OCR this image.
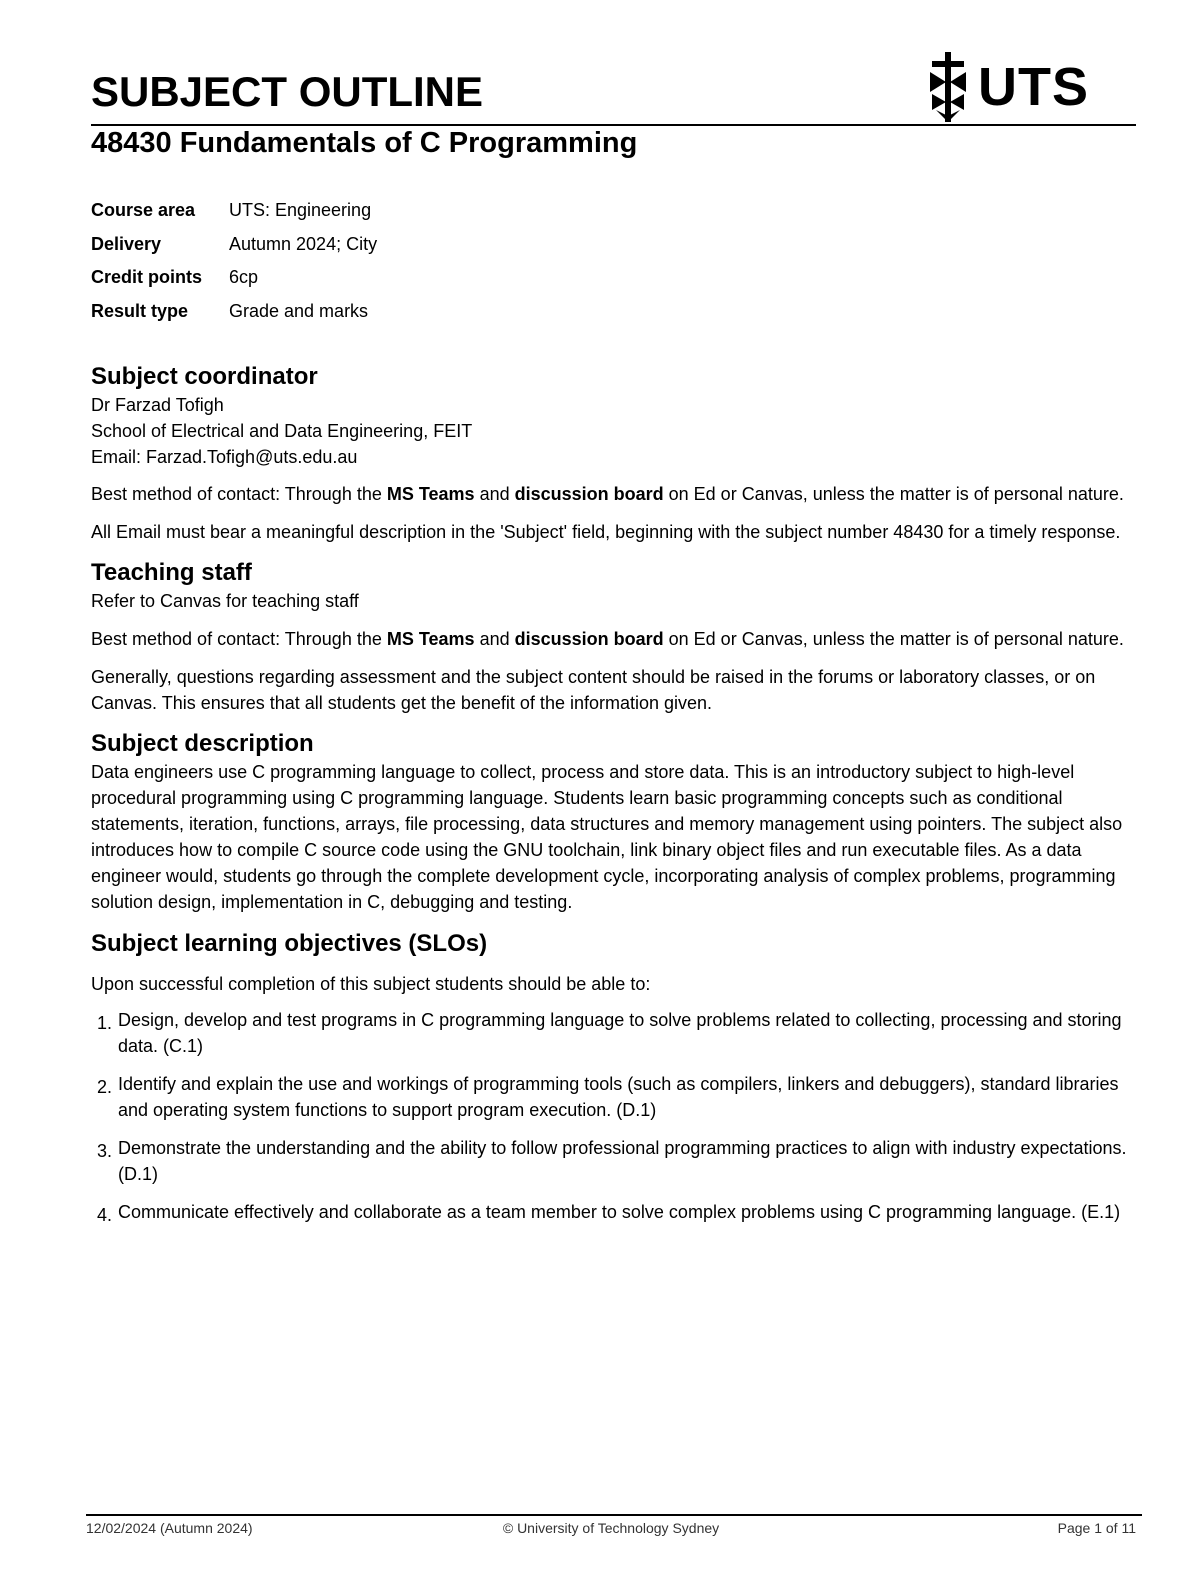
SUBJECT OUTLINE	UTS
48430 Fundamentals of C Programming
Course area	UTS: Engineering
Delivery	Autumn 2024; City
Credit points	6cp
Result type	Grade and marks
Subject coordinator

Dr Farzad Tofigh

School of Electrical and Data Engineering, FEIT

Email: Farzad.Tofigh@uts.edu.au

Best method of contact: Through the MS Teams and discussion board on Ed or Canvas, unless the matter is of personal nature.

All Email must bear a meaningful description in the 'Subject' field, beginning with the subject number 48430 for a timely response.

Teaching staff

Refer to Canvas for teaching staff

Best method of contact: Through the MS Teams and discussion board on Ed or Canvas, unless the matter is of personal nature.

Generally, questions regarding assessment and the subject content should be raised in the forums or laboratory classes, or on Canvas. This ensures that all students get the benefit of the information given.

Subject description

Data engineers use C programming language to collect, process and store data. This is an introductory subject to high-level procedural programming using C programming language. Students learn basic programming concepts such as conditional statements, iteration, functions, arrays, file processing, data structures and memory management using pointers. The subject also introduces how to compile C source code using the GNU toolchain, link binary object files and run executable files. As a data engineer would, students go through the complete development cycle, incorporating analysis of complex problems, programming solution design, implementation in C, debugging and testing.

Subject learning objectives (SLOs)

Upon successful completion of this subject students should be able to:

1. Design, develop and test programs in C programming language to solve problems related to collecting, processing and storing data. (C.1)
2. Identify and explain the use and workings of programming tools (such as compilers, linkers and debuggers), standard libraries and operating system functions to support program execution. (D.1)
3. Demonstrate the understanding and the ability to follow professional programming practices to align with industry expectations. (D.1)
4. Communicate effectively and collaborate as a team member to solve complex problems using C programming language. (E.1)
12/02/2024 (Autumn 2024)	© University of Technology Sydney	Page 1 of 11
